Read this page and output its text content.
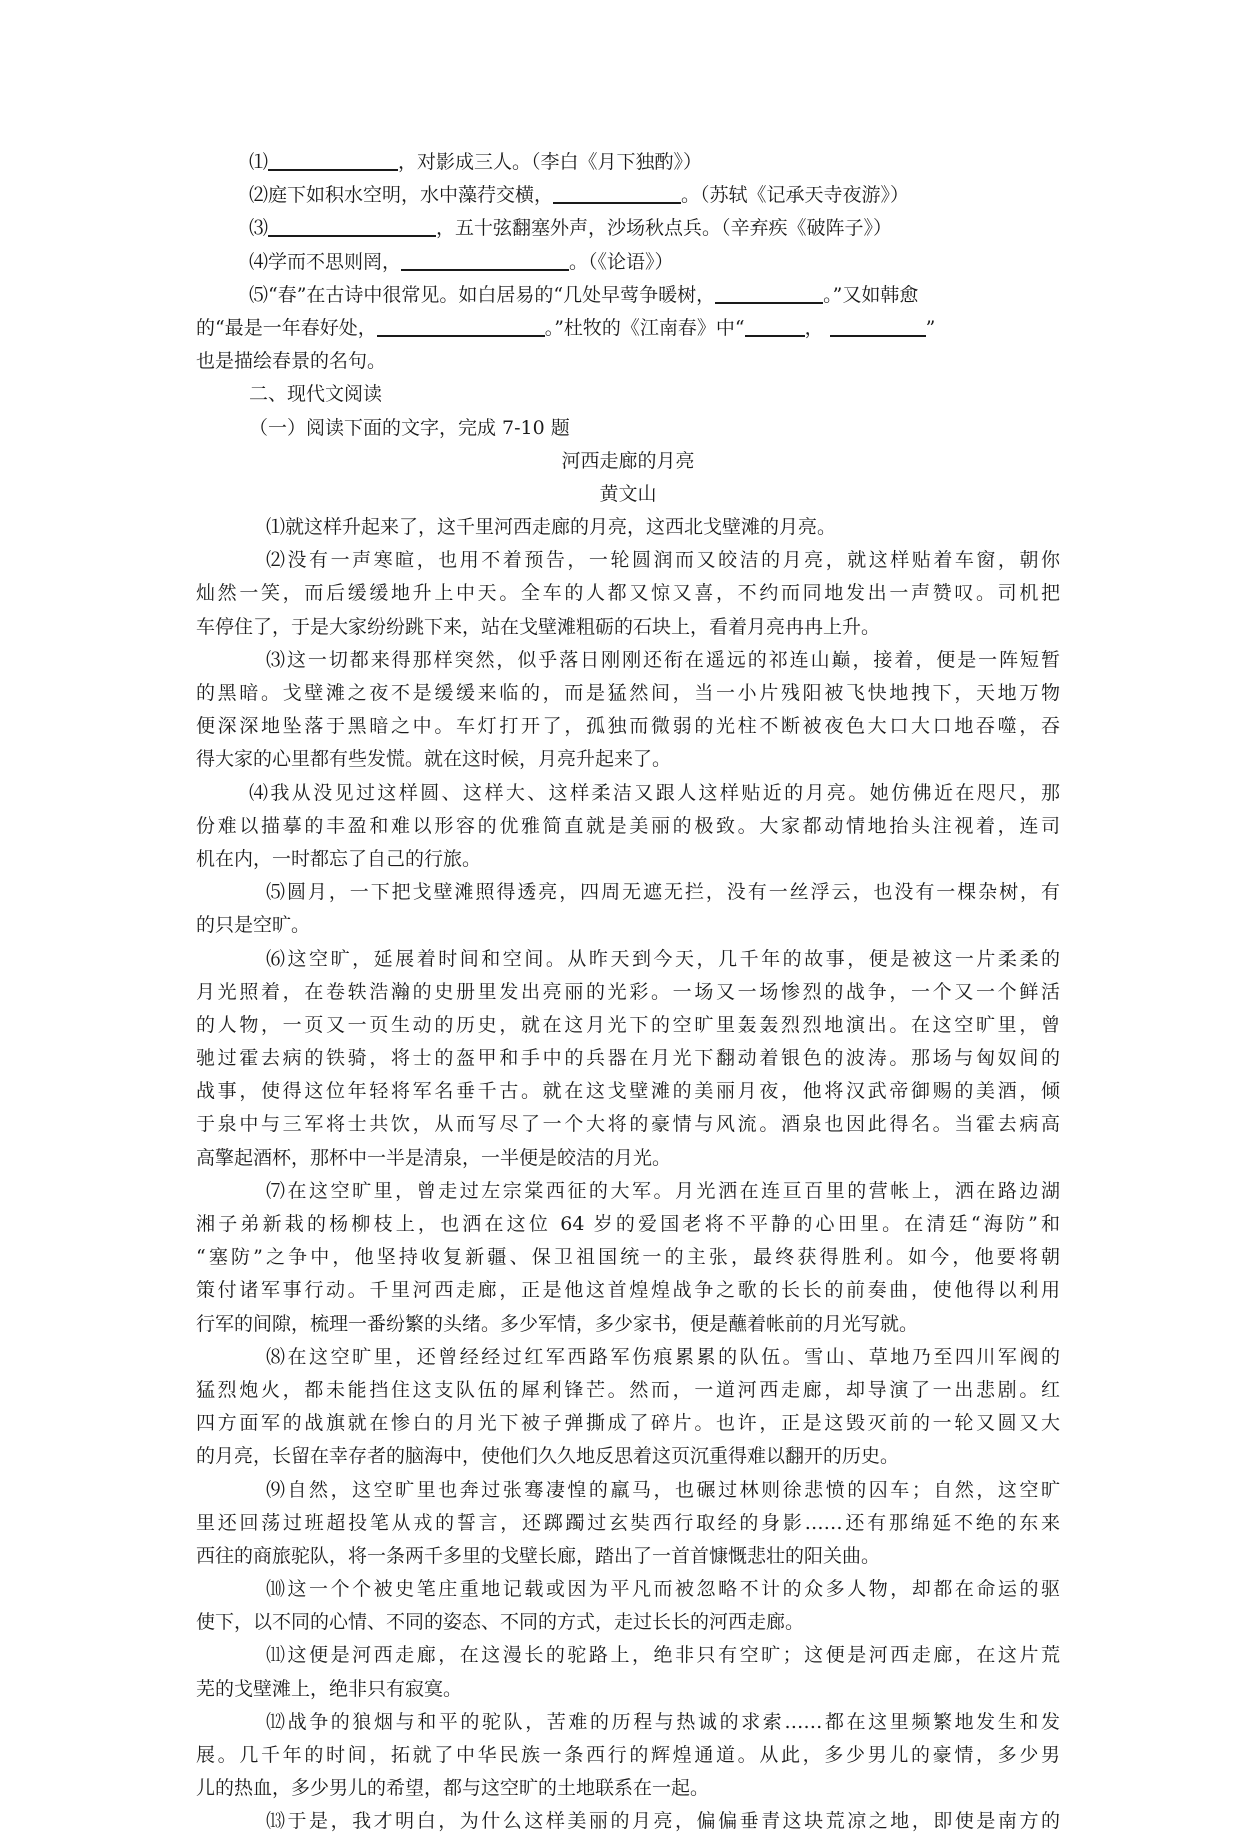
⑴	，对影成三人。（李白《月下独酌》）
⑵庭下如积水空明，水中藻荇交横，	。（苏轼《记承天寺夜游》）
⑶	，五十弦翻塞外声，沙场秋点兵。（辛弃疾《破阵子》）
⑷学而不思则罔，	。（《论语》）
⑸“春”在古诗中很常见。如白居易的“几处早莺争暖树，	。”又如韩愈
的“最是一年春好处，	。”杜牧的《江南春》中“	，	”
也是描绘春景的名句。
二、现代文阅读
（一）阅读下面的文字，完成 7-10 题
河西走廊的月亮
黄文山
⑴就这样升起来了，这千里河西走廊的月亮，这西北戈壁滩的月亮。
⑵没有一声寒暄，也用不着预告，一轮圆润而又皎洁的月亮，就这样贴着车窗，朝你
灿然一笑，而后缓缓地升上中天。全车的人都又惊又喜，不约而同地发出一声赞叹。司机把
车停住了，于是大家纷纷跳下来，站在戈壁滩粗砺的石块上，看着月亮冉冉上升。
⑶这一切都来得那样突然，似乎落日刚刚还衔在遥远的祁连山巅，接着，便是一阵短暂
的黑暗。戈壁滩之夜不是缓缓来临的，而是猛然间，当一小片残阳被飞快地拽下，天地万物
便深深地坠落于黑暗之中。车灯打开了，孤独而微弱的光柱不断被夜色大口大口地吞噬，吞
得大家的心里都有些发慌。就在这时候，月亮升起来了。
⑷我从没见过这样圆、这样大、这样柔洁又跟人这样贴近的月亮。她仿佛近在咫尺，那
份难以描摹的丰盈和难以形容的优雅简直就是美丽的极致。大家都动情地抬头注视着，连司
机在内，一时都忘了自己的行旅。
⑸圆月，一下把戈壁滩照得透亮，四周无遮无拦，没有一丝浮云，也没有一棵杂树，有
的只是空旷。
⑹这空旷，延展着时间和空间。从昨天到今天，几千年的故事，便是被这一片柔柔的
月光照着，在卷轶浩瀚的史册里发出亮丽的光彩。一场又一场惨烈的战争，一个又一个鲜活
的人物，一页又一页生动的历史，就在这月光下的空旷里轰轰烈烈地演出。在这空旷里，曾
驰过霍去病的铁骑，将士的盔甲和手中的兵器在月光下翻动着银色的波涛。那场与匈奴间的
战事，使得这位年轻将军名垂千古。就在这戈壁滩的美丽月夜，他将汉武帝御赐的美酒，倾
于泉中与三军将士共饮，从而写尽了一个大将的豪情与风流。酒泉也因此得名。当霍去病高
高擎起酒杯，那杯中一半是清泉，一半便是皎洁的月光。
⑺在这空旷里，曾走过左宗棠西征的大军。月光洒在连亘百里的营帐上，洒在路边湖
湘子弟新栽的杨柳枝上，也洒在这位 64 岁的爱国老将不平静的心田里。在清廷“海防”和
“塞防”之争中，他坚持收复新疆、保卫祖国统一的主张，最终获得胜利。如今，他要将朝
策付诸军事行动。千里河西走廊，正是他这首煌煌战争之歌的长长的前奏曲，使他得以利用
行军的间隙，梳理一番纷繁的头绪。多少军情，多少家书，便是蘸着帐前的月光写就。
⑻在这空旷里，还曾经经过红军西路军伤痕累累的队伍。雪山、草地乃至四川军阀的
猛烈炮火，都未能挡住这支队伍的犀利锋芒。然而，一道河西走廊，却导演了一出悲剧。红
四方面军的战旗就在惨白的月光下被子弹撕成了碎片。也许，正是这毁灭前的一轮又圆又大
的月亮，长留在幸存者的脑海中，使他们久久地反思着这页沉重得难以翻开的历史。
⑼自然，这空旷里也奔过张骞凄惶的羸马，也碾过林则徐悲愤的囚车；自然，这空旷
里还回荡过班超投笔从戎的誓言，还踯躅过玄奘西行取经的身影……还有那绵延不绝的东来
西往的商旅驼队，将一条两千多里的戈壁长廊，踏出了一首首慷慨悲壮的阳关曲。
⑽这一个个被史笔庄重地记载或因为平凡而被忽略不计的众多人物，却都在命运的驱
使下，以不同的心情、不同的姿态、不同的方式，走过长长的河西走廊。
⑾这便是河西走廊，在这漫长的驼路上，绝非只有空旷；这便是河西走廊，在这片荒
芜的戈壁滩上，绝非只有寂寞。
⑿战争的狼烟与和平的驼队，苦难的历程与热诚的求索……都在这里频繁地发生和发
展。几千年的时间，拓就了中华民族一条西行的辉煌通道。从此，多少男儿的豪情，多少男
儿的热血，多少男儿的希望，都与这空旷的土地联系在一起。
⒀于是，我才明白，为什么这样美丽的月亮，偏偏垂青这块荒凉之地，即使是南方的
